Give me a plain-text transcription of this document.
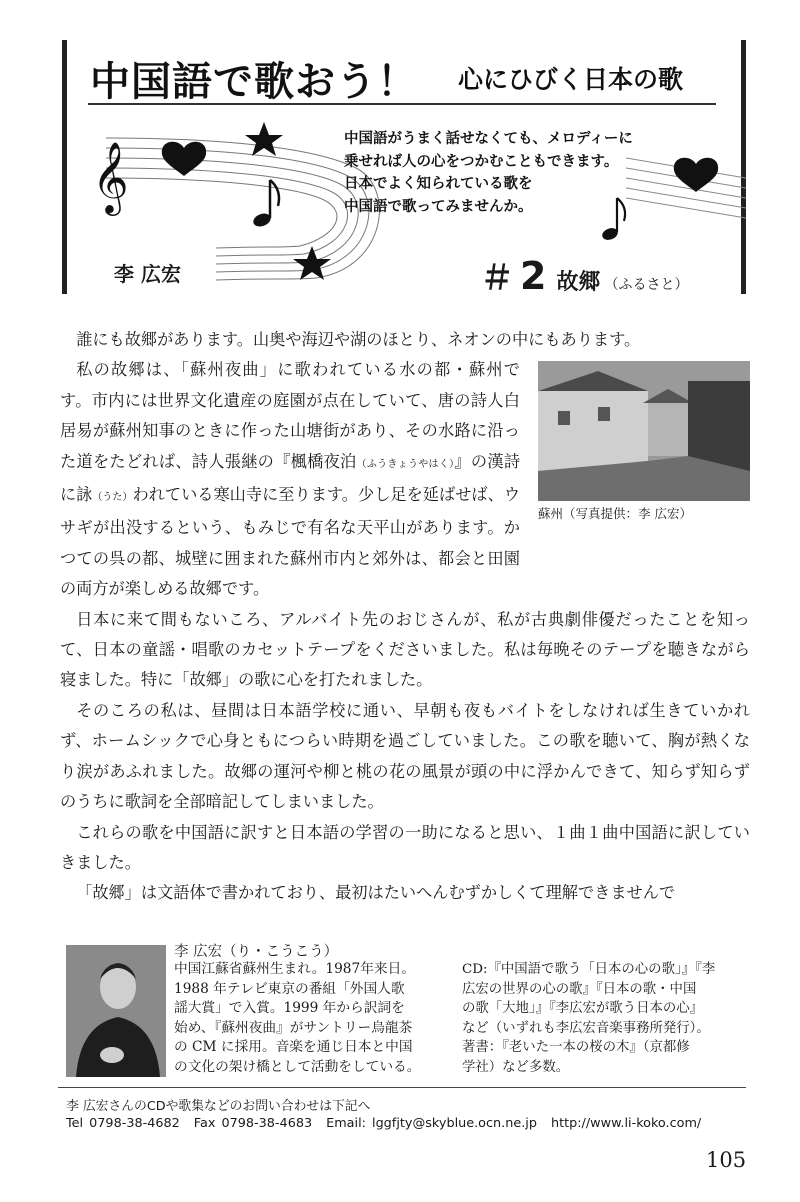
中国語で歌おう！ 心にひびく日本の歌
𝄞
中国語がうまく話せなくても、メロディーに
乗せれば人の心をつかむこともできます。
日本でよく知られている歌を
中国語で歌ってみませんか。
李 広宏	＃ 2 故郷 （ふるさと）

誰にも故郷があります。山奥や海辺や湖のほとり、ネオンの中にもあります。

蘇州（写真提供：李 広宏）

私の故郷は、「蘇州夜曲」に歌われている水の都・蘇州です。市内には世界文化遺産の庭園が点在していて、唐の詩人白居易が蘇州知事のときに作った山塘街があり、その水路に沿った道をたどれば、詩人張継の『楓橋夜泊（ふうきょうやはく）』の漢詩に詠（うた）われている寒山寺に至ります。少し足を延ばせば、ウサギが出没するという、もみじで有名な天平山があります。かつての呉の都、城壁に囲まれた蘇州市内と郊外は、都会と田園の両方が楽しめる故郷です。

日本に来て間もないころ、アルバイト先のおじさんが、私が古典劇俳優だったことを知って、日本の童謡・唱歌のカセットテープをくださいました。私は毎晩そのテープを聴きながら寝ました。特に「故郷」の歌に心を打たれました。

そのころの私は、昼間は日本語学校に通い、早朝も夜もバイトをしなければ生きていかれず、ホームシックで心身ともにつらい時期を過ごしていました。この歌を聴いて、胸が熱くなり涙があふれました。故郷の運河や柳と桃の花の風景が頭の中に浮かんできて、知らず知らずのうちに歌詞を全部暗記してしまいました。

これらの歌を中国語に訳すと日本語の学習の一助になると思い、１曲１曲中国語に訳していきました。

「故郷」は文語体で書かれており、最初はたいへんむずかしくて理解できませんで

李 広宏（り・こうこう）
中国江蘇省蘇州生まれ。1987年来日。
1988 年テレビ東京の番組「外国人歌
謡大賞」で入賞。1999 年から訳詞を
始め、『蘇州夜曲』がサントリー烏龍茶
の CM に採用。音楽を通じ日本と中国
の文化の架け橋として活動をしている。
CD:『中国語で歌う「日本の心の歌」』『李
広宏の世界の心の歌』『日本の歌・中国
の歌「大地」』『李広宏が歌う日本の心』
など（いずれも李広宏音楽事務所発行）。
著書：『老いた一本の桜の木』（京都修
学社）など多数。
李 広宏さんのCDや歌集などのお問い合わせは下記へ
Tel 0798-38-4682 Fax 0798-38-4683 Email: lggfjty@skyblue.ocn.ne.jp http://www.li-koko.com/
105
